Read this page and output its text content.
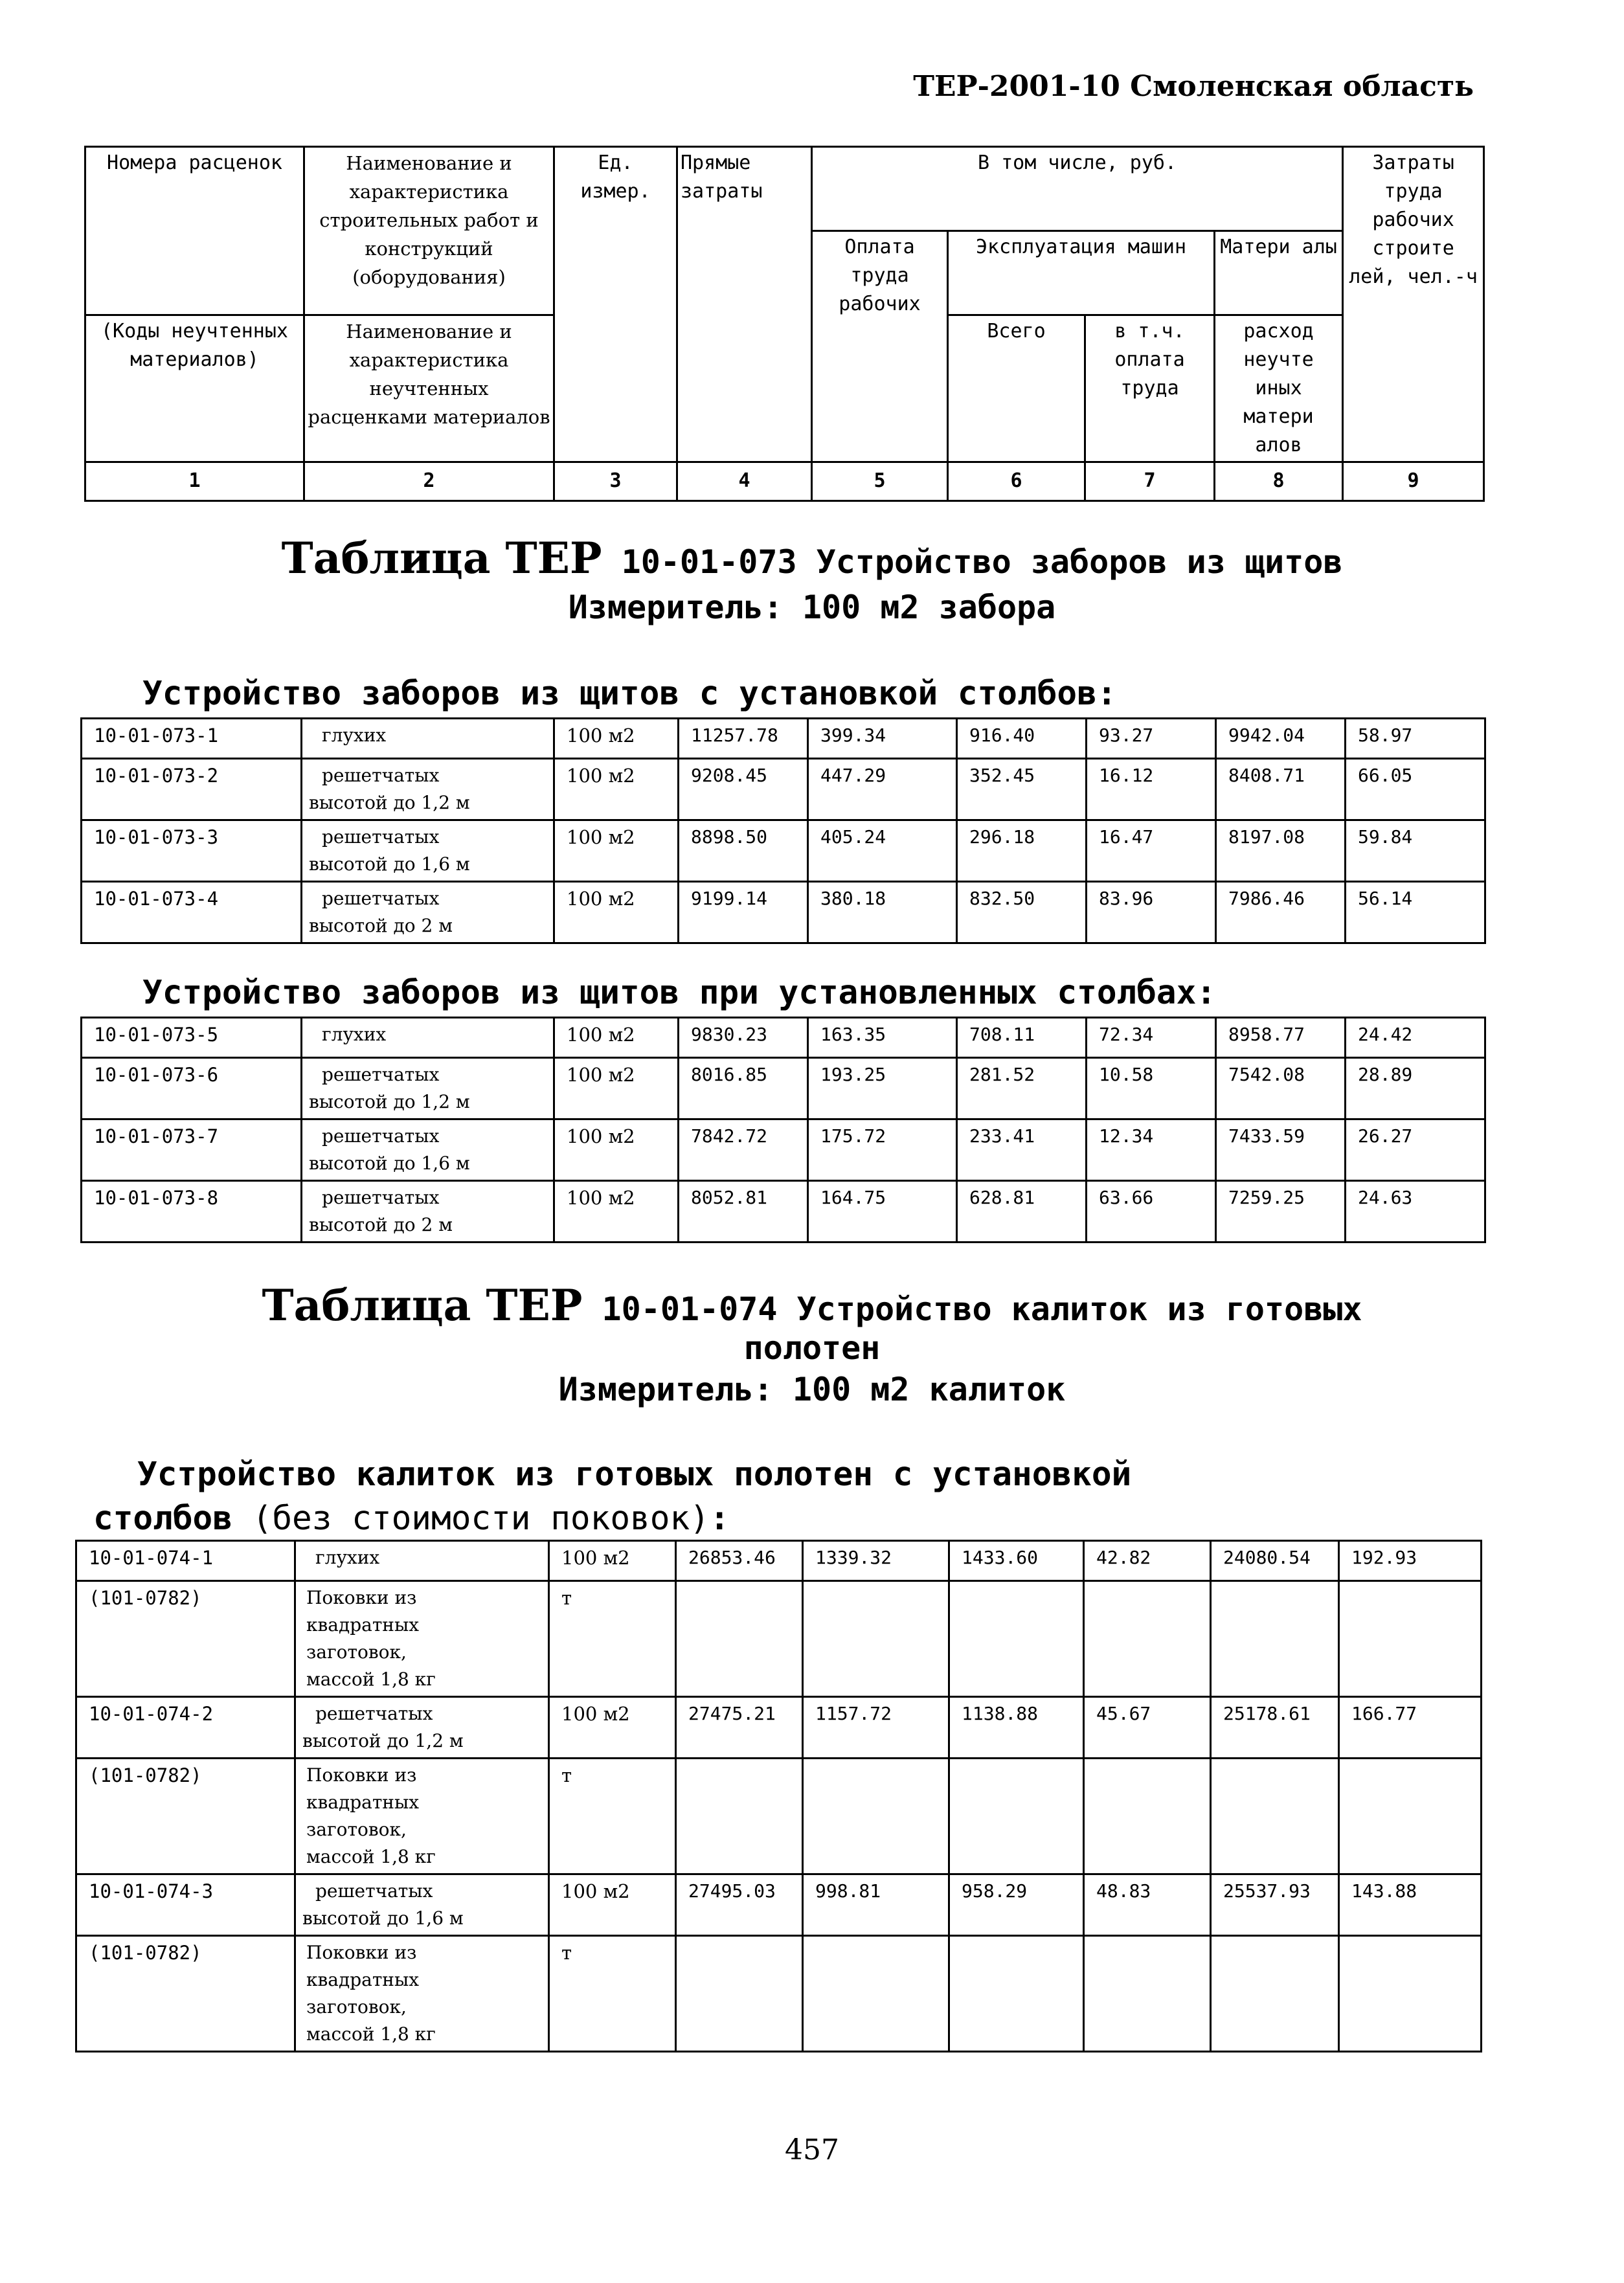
ТЕР-2001-10 Смоленская область
Номера расценок	Наименование и характеристика строительных работ и конструкций (оборудования)	Ед. измер.	Прямые затраты	В том числе, руб.				Затраты труда рабочих строите лей, чел.-ч
				Оплата труда рабочих	Эксплуатация машин		Матери алы	
(Коды неучтенных материалов)	Наименование и характеристика неучтенных расценками материалов				Всего	в т.ч. оплата труда	расход неучте иных матери алов	
1	2	3	4	5	6	7	8	9
Таблица ТЕР 10-01-073 Устройство заборов из щитов
Измеритель: 100 м2 забора
Устройство заборов из щитов с установкой столбов:
10-01-073-1	глухих	100 м2	11257.78	399.34	916.40	93.27	9942.04	58.97
10-01-073-2	решетчатых
высотой до 1,2 м	100 м2	9208.45	447.29	352.45	16.12	8408.71	66.05
10-01-073-3	решетчатых
высотой до 1,6 м	100 м2	8898.50	405.24	296.18	16.47	8197.08	59.84
10-01-073-4	решетчатых
высотой до 2 м	100 м2	9199.14	380.18	832.50	83.96	7986.46	56.14
Устройство заборов из щитов при установленных столбах:
10-01-073-5	глухих	100 м2	9830.23	163.35	708.11	72.34	8958.77	24.42
10-01-073-6	решетчатых
высотой до 1,2 м	100 м2	8016.85	193.25	281.52	10.58	7542.08	28.89
10-01-073-7	решетчатых
высотой до 1,6 м	100 м2	7842.72	175.72	233.41	12.34	7433.59	26.27
10-01-073-8	решетчатых
высотой до 2 м	100 м2	8052.81	164.75	628.81	63.66	7259.25	24.63
Таблица ТЕР 10-01-074 Устройство калиток из готовых
полотен
Измеритель: 100 м2 калиток
Устройство калиток из готовых полотен с установкой
столбов (без стоимости поковок):
10-01-074-1	глухих	100 м2	26853.46	1339.32	1433.60	42.82	24080.54	192.93
(101-0782)	Поковки из
квадратных
заготовок,
массой 1,8 кг	т						
10-01-074-2	решетчатых
высотой до 1,2 м	100 м2	27475.21	1157.72	1138.88	45.67	25178.61	166.77
(101-0782)	Поковки из
квадратных
заготовок,
массой 1,8 кг	т						
10-01-074-3	решетчатых
высотой до 1,6 м	100 м2	27495.03	998.81	958.29	48.83	25537.93	143.88
(101-0782)	Поковки из
квадратных
заготовок,
массой 1,8 кг	т						
457
